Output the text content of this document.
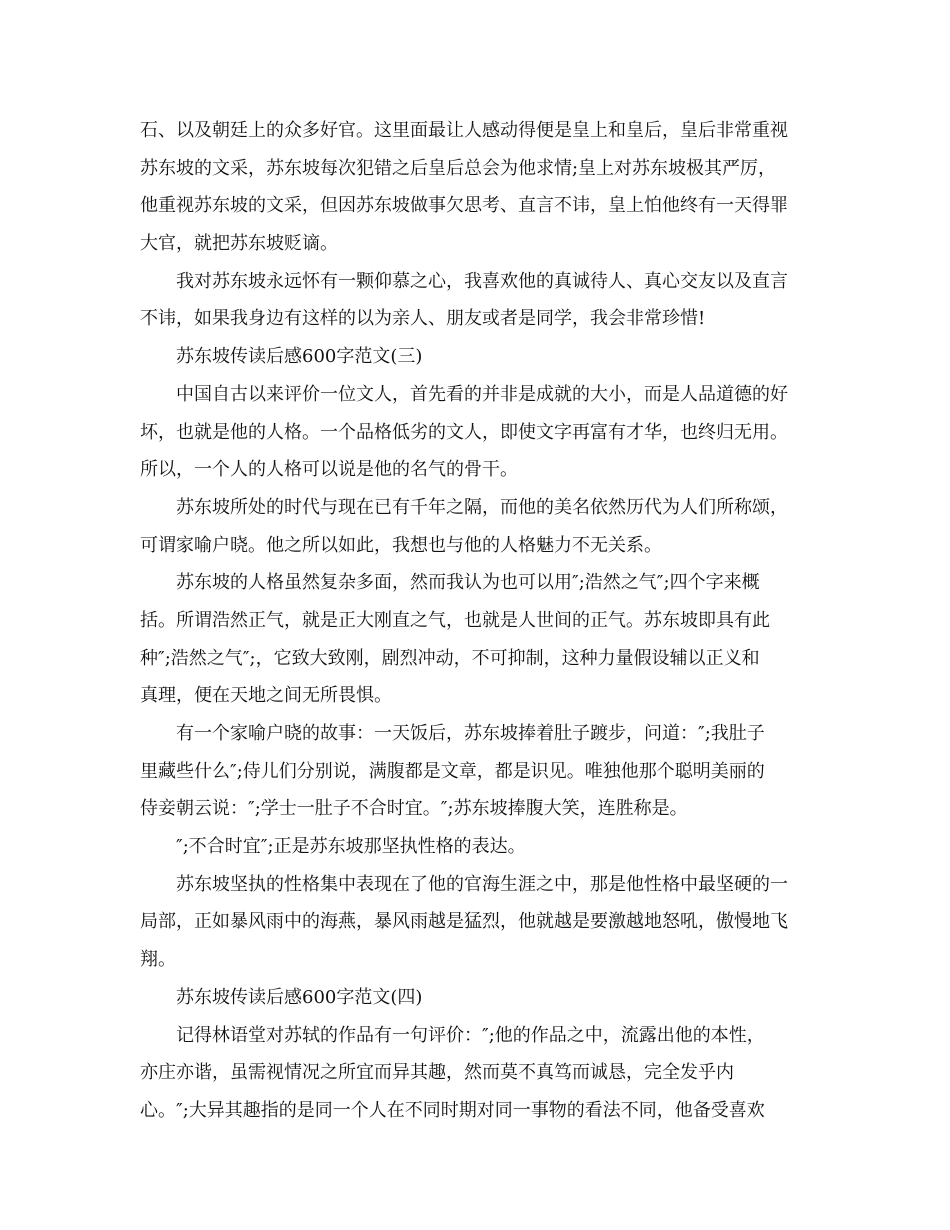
石、以及朝廷上的众多好官。这里面最让人感动得便是皇上和皇后，皇后非常重视
苏东坡的文采，苏东坡每次犯错之后皇后总会为他求情;皇上对苏东坡极其严厉，
他重视苏东坡的文采，但因苏东坡做事欠思考、直言不讳，皇上怕他终有一天得罪
大官，就把苏东坡贬谪。
我对苏东坡永远怀有一颗仰慕之心，我喜欢他的真诚待人、真心交友以及直言
不讳，如果我身边有这样的以为亲人、朋友或者是同学，我会非常珍惜!
苏东坡传读后感600字范文(三)
中国自古以来评价一位文人，首先看的并非是成就的大小，而是人品道德的好
坏，也就是他的人格。一个品格低劣的文人，即使文字再富有才华，也终归无用。
所以，一个人的人格可以说是他的名气的骨干。
苏东坡所处的时代与现在已有千年之隔，而他的美名依然历代为人们所称颂，
可谓家喻户晓。他之所以如此，我想也与他的人格魅力不无关系。
苏东坡的人格虽然复杂多面，然而我认为也可以用″;浩然之气″;四个字来概
括。所谓浩然正气，就是正大刚直之气，也就是人世间的正气。苏东坡即具有此
种″;浩然之气″;，它致大致刚，剧烈冲动，不可抑制，这种力量假设辅以正义和
真理，便在天地之间无所畏惧。
有一个家喻户晓的故事：一天饭后，苏东坡捧着肚子踱步，问道：″;我肚子
里藏些什么″;侍儿们分别说，满腹都是文章，都是识见。唯独他那个聪明美丽的
侍妾朝云说：″;学士一肚子不合时宜。″;苏东坡捧腹大笑，连胜称是。
″;不合时宜″;正是苏东坡那坚执性格的表达。
苏东坡坚执的性格集中表现在了他的官海生涯之中，那是他性格中最坚硬的一
局部，正如暴风雨中的海燕，暴风雨越是猛烈，他就越是要激越地怒吼，傲慢地飞
翔。
苏东坡传读后感600字范文(四)
记得林语堂对苏轼的作品有一句评价：″;他的作品之中，流露出他的本性，
亦庄亦谐，虽需视情况之所宜而异其趣，然而莫不真笃而诚恳，完全发乎内
心。″;大异其趣指的是同一个人在不同时期对同一事物的看法不同，他备受喜欢
